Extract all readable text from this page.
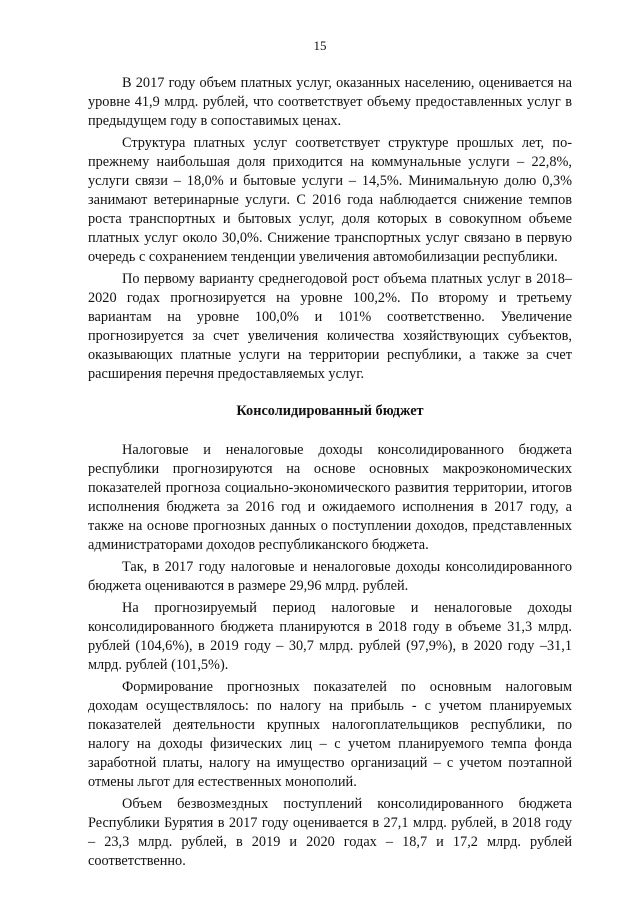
15

В 2017 году объем платных услуг, оказанных населению, оценивается на уровне 41,9 млрд. рублей, что соответствует объему предоставленных услуг в предыдущем году в сопоставимых ценах.

Структура платных услуг соответствует структуре прошлых лет, по-прежнему наибольшая доля приходится на коммунальные услуги – 22,8%, услуги связи – 18,0% и бытовые услуги – 14,5%. Минимальную долю 0,3% занимают ветеринарные услуги. С 2016 года наблюдается снижение темпов роста транспортных и бытовых услуг, доля которых в совокупном объеме платных услуг около 30,0%. Снижение транспортных услуг связано в первую очередь с сохранением тенденции увеличения автомобилизации республики.

По первому варианту среднегодовой рост объема платных услуг в 2018–2020 годах прогнозируется на уровне 100,2%. По второму и третьему вариантам на уровне 100,0% и 101% соответственно. Увеличение прогнозируется за счет увеличения количества хозяйствующих субъектов, оказывающих платные услуги на территории республики, а также за счет расширения перечня предоставляемых услуг.

Консолидированный бюджет

Налоговые и неналоговые доходы консолидированного бюджета республики прогнозируются на основе основных макроэкономических показателей прогноза социально-экономического развития территории, итогов исполнения бюджета за 2016 год и ожидаемого исполнения в 2017 году, а также на основе прогнозных данных о поступлении доходов, представленных администраторами доходов республиканского бюджета.

Так, в 2017 году налоговые и неналоговые доходы консолидированного бюджета оцениваются в размере 29,96 млрд. рублей.

На прогнозируемый период налоговые и неналоговые доходы консолидированного бюджета планируются в 2018 году в объеме 31,3 млрд. рублей (104,6%), в 2019 году – 30,7 млрд. рублей (97,9%), в 2020 году –31,1 млрд. рублей (101,5%).

Формирование прогнозных показателей по основным налоговым доходам осуществлялось: по налогу на прибыль - с учетом планируемых показателей деятельности крупных налогоплательщиков республики, по налогу на доходы физических лиц – с учетом планируемого темпа фонда заработной платы, налогу на имущество организаций – с учетом поэтапной отмены льгот для естественных монополий.

Объем безвозмездных поступлений консолидированного бюджета Республики Бурятия в 2017 году оценивается в 27,1 млрд. рублей, в 2018 году – 23,3 млрд. рублей, в 2019 и 2020 годах – 18,7 и 17,2 млрд. рублей соответственно.
